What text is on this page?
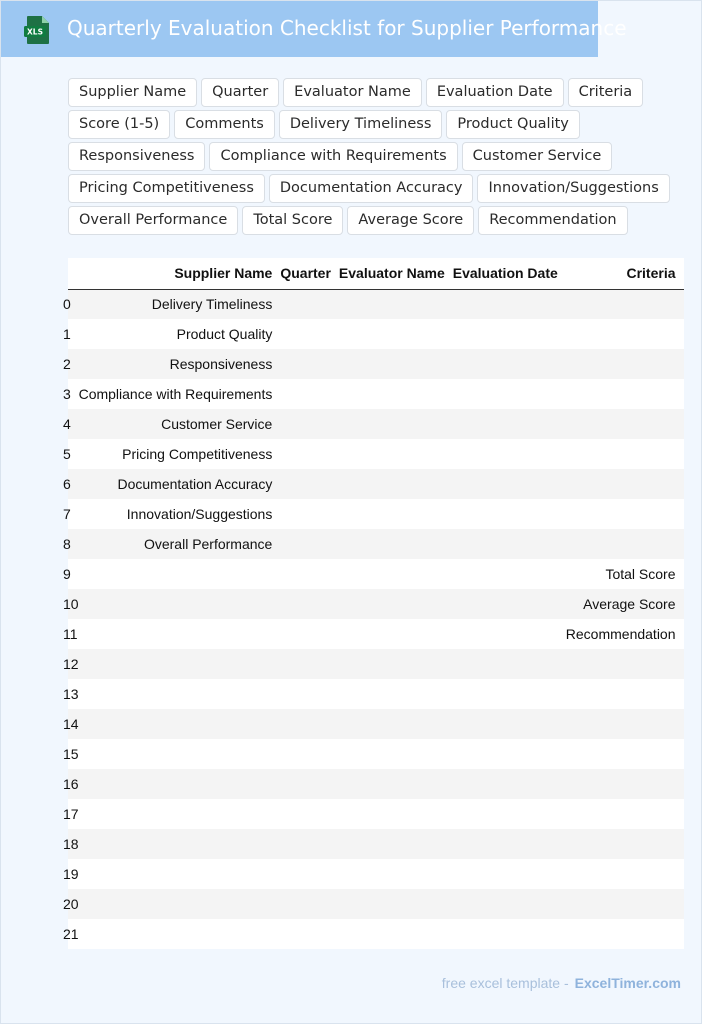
XLS Quarterly Evaluation Checklist for Supplier Performance
Supplier Name	Quarter	Evaluator Name	Evaluation Date	Criteria
Score (1-5)	Comments	Delivery Timeliness	Product Quality
Responsiveness	Compliance with Requirements	Customer Service
Pricing Competitiveness	Documentation Accuracy	Innovation/Suggestions
Overall Performance	Total Score	Average Score	Recommendation
	Supplier Name	Quarter	Evaluator Name	Evaluation Date	Criteria
0	Delivery Timeliness				
1	Product Quality				
2	Responsiveness				
3	Compliance with Requirements				
4	Customer Service				
5	Pricing Competitiveness				
6	Documentation Accuracy				
7	Innovation/Suggestions				
8	Overall Performance				
9					Total Score
10					Average Score
11					Recommendation
12					
13					
14					
15					
16					
17					
18					
19					
20					
21					
free excel template - ExcelTimer.com
